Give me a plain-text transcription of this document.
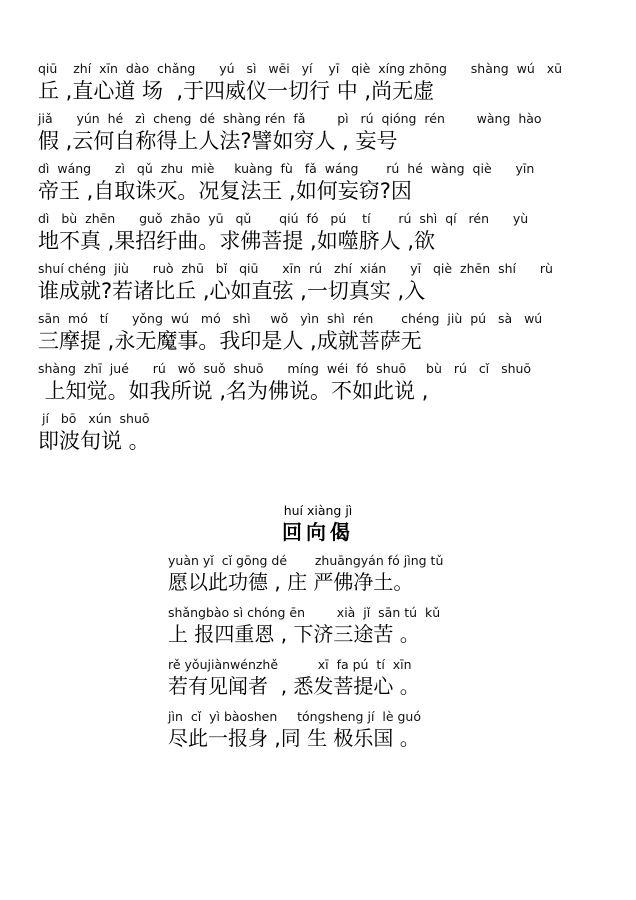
qiū    zhí  xīn  dào  chǎng      yú   sì   wēi   yí    yī   qiè  xíng zhōng      shàng  wú   xū
丘 ,直心道 场  ,于四威仪一切行 中 ,尚无虚
jiǎ      yún  hé   zì  cheng  dé  shàng rén  fǎ        pì   rú  qióng  rén        wàng  hào
假 ,云何自称得上人法?譬如穷人 , 妄号
dì  wáng      zì   qǔ  zhu  miè     kuàng  fù   fǎ  wáng       rú  hé  wàng  qiè      yīn
帝王 ,自取诛灭。况复法王 ,如何妄窃?因
dì   bù  zhēn      guǒ  zhāo  yū   qǔ       qiú  fó   pú    tí       rú  shì  qí   rén      yù
地不真 ,果招纡曲。求佛菩提 ,如噬脐人 ,欲
shuí chéng  jiù      ruò  zhū   bǐ   qiū      xīn  rú   zhí  xián      yī   qiè  zhēn  shí      rù
谁成就?若诸比丘 ,心如直弦 ,一切真实 ,入
sān  mó   tí      yǒng  wú   mó   shì     wǒ   yìn  shì  rén       chéng  jiù  pú   sà   wú
三摩提 ,永无魔事。我印是人 ,成就菩萨无
shàng  zhī  jué      rú   wǒ  suǒ  shuō      míng  wéi  fó  shuō     bù   rú   cǐ   shuō
上知觉。如我所说 ,名为佛说。不如此说 ,
jí   bō   xún  shuō
即波旬说 。
huí xiàng jì
回向偈
yuàn yǐ  cǐ gōng dé       zhuāngyán fó jìng tǔ
愿以此功德 , 庄 严佛净土。
shǎngbào sì chóng ēn        xià  jǐ  sān tú  kǔ
上 报四重恩 , 下济三途苦 。
rě yǒujiànwénzhě          xī  fa pú  tí  xīn
若有见闻者  , 悉发菩提心 。
jìn  cǐ  yì bàoshen     tóngsheng jí  lè guó
尽此一报身 ,同 生 极乐国 。
